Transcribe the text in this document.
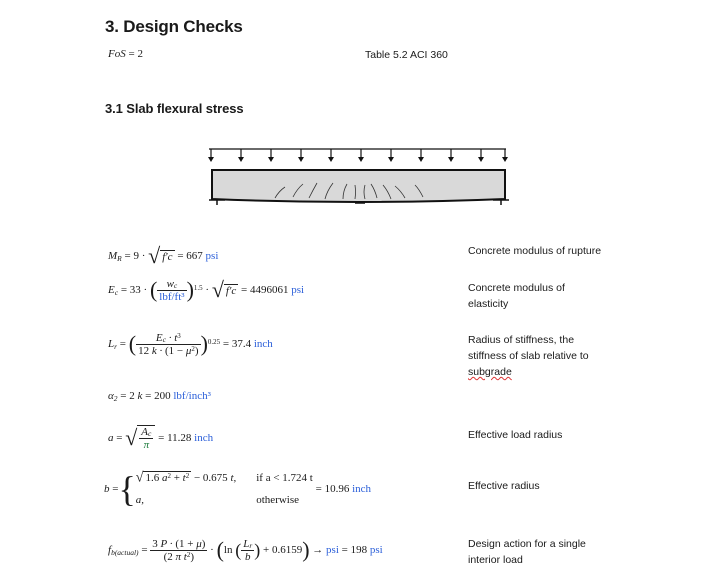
3. Design Checks
FoS = 2	Table 5.2 ACI 360
3.1 Slab flexural stress
M R
= 9 ·
√ f′c
= 667
psi	Concrete modulus of rupture
E c
= 33 ·
( $\frac{wc}{\text{lbf/ft³}}$ ) 1.5
·
√ f′c
= 4496061
psi	Concrete modulus of
elasticity
L r
=
( $\frac{Ec \cdot t^3}{12 k \cdot (1 - \mu^2)}$ ) 0.25
= 37.4
inch	Radius of stiffness, the
stiffness of slab relative to
subgrade
α 2
= 2 k = 200
lbf/inch³
a
=
√ $\frac{Ac}{\pi}$
= 11.28
inch	Effective load radius
b
= { √ 1.6 $a^2 + t^2 - 0.675$ t,
a,
if a < 1.724 t
otherwise

= 10.96
inch	Effective radius
f b(actual)
=
$\frac{3 P \cdot (1 + \mu)}{(2 \pi t^2)}$
·
( ln
( $\frac{Lr}{b}$ )
+ 0.6159 )
→
psi
= 198
psi	Design action for a single
interior load
